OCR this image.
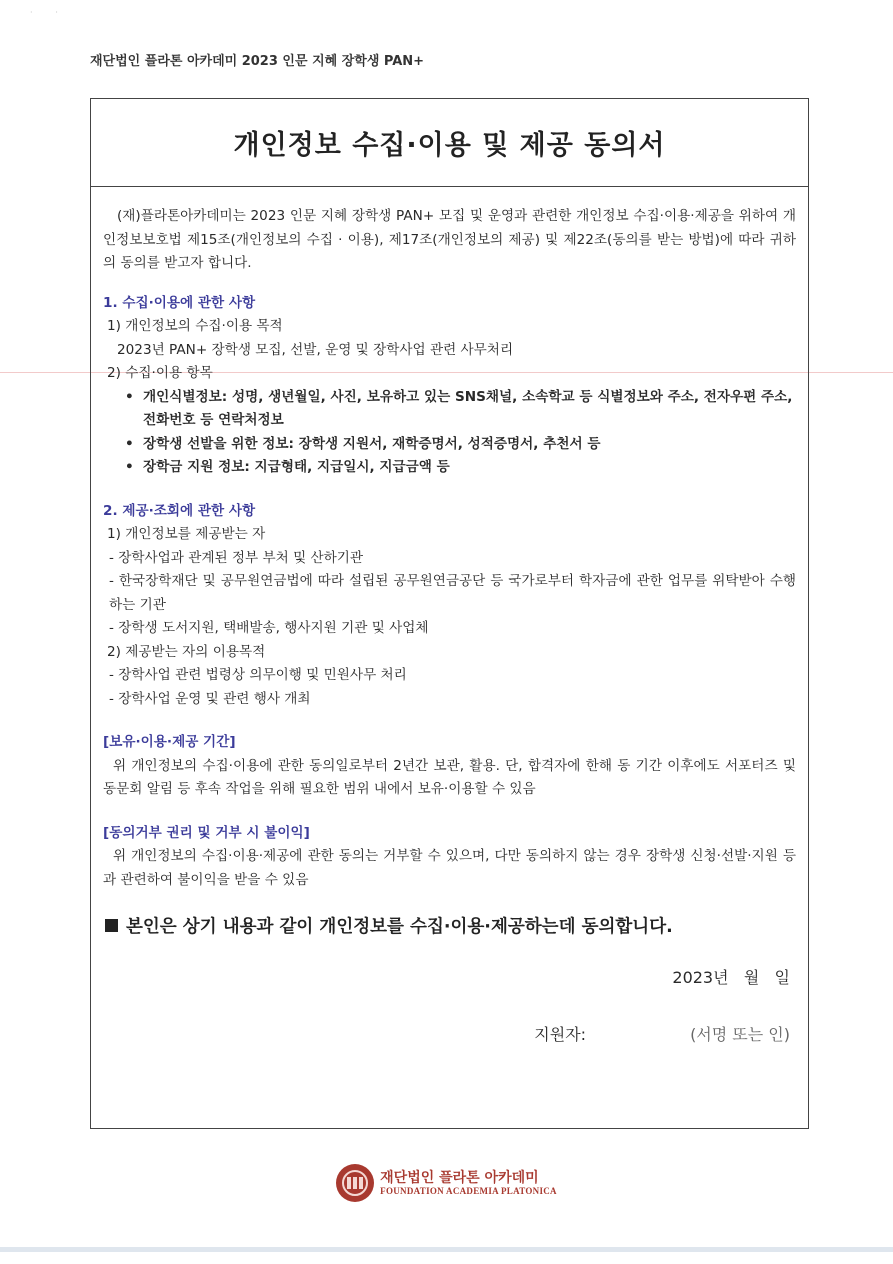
·         ·
재단법인 플라톤 아카데미 2023 인문 지혜 장학생 PAN+
개인정보 수집·이용 및 제공 동의서

(재)플라톤아카데미는 2023 인문 지혜 장학생 PAN+ 모집 및 운영과 관련한 개인정보 수집·이용·제공을 위하여 개인정보보호법 제15조(개인정보의 수집 · 이용), 제17조(개인정보의 제공) 및 제22조(동의를 받는 방법)에 따라 귀하의 동의를 받고자 합니다.

1. 수집·이용에 관한 사항

1) 개인정보의 수집·이용 목적

2023년 PAN+ 장학생 모집, 선발, 운영 및 장학사업 관련 사무처리

2) 수집·이용 항목

• 개인식별정보: 성명, 생년월일, 사진, 보유하고 있는 SNS채널, 소속학교 등 식별정보와 주소, 전자우편 주소, 전화번호 등 연락처정보
• 장학생 선발을 위한 정보: 장학생 지원서, 재학증명서, 성적증명서, 추천서 등
• 장학금 지원 정보: 지급형태, 지급일시, 지급금액 등

2. 제공·조회에 관한 사항

1) 개인정보를 제공받는 자

- 장학사업과 관계된 정부 부처 및 산하기관

- 한국장학재단 및 공무원연금법에 따라 설립된 공무원연금공단 등 국가로부터 학자금에 관한 업무를 위탁받아 수행하는 기관

- 장학생 도서지원, 택배발송, 행사지원 기관 및 사업체

2) 제공받는 자의 이용목적

- 장학사업 관련 법령상 의무이행 및 민원사무 처리

- 장학사업 운영 및 관련 행사 개최

[보유·이용·제공 기간]

위 개인정보의 수집·이용에 관한 동의일로부터 2년간 보관, 활용. 단, 합격자에 한해 동 기간 이후에도 서포터즈 및 동문회 알림 등 후속 작업을 위해 필요한 범위 내에서 보유·이용할 수 있음

[동의거부 권리 및 거부 시 불이익]

위 개인정보의 수집·이용·제공에 관한 동의는 거부할 수 있으며, 다만 동의하지 않는 경우 장학생 신청·선발·지원 등과 관련하여 불이익을 받을 수 있음

본인은 상기 내용과 같이 개인정보를 수집·이용·제공하는데 동의합니다.

2023년   월   일

지원자:	(서명 또는 인)
재단법인 플라톤 아카데미
FOUNDATION ACADEMIA PLATONICA
